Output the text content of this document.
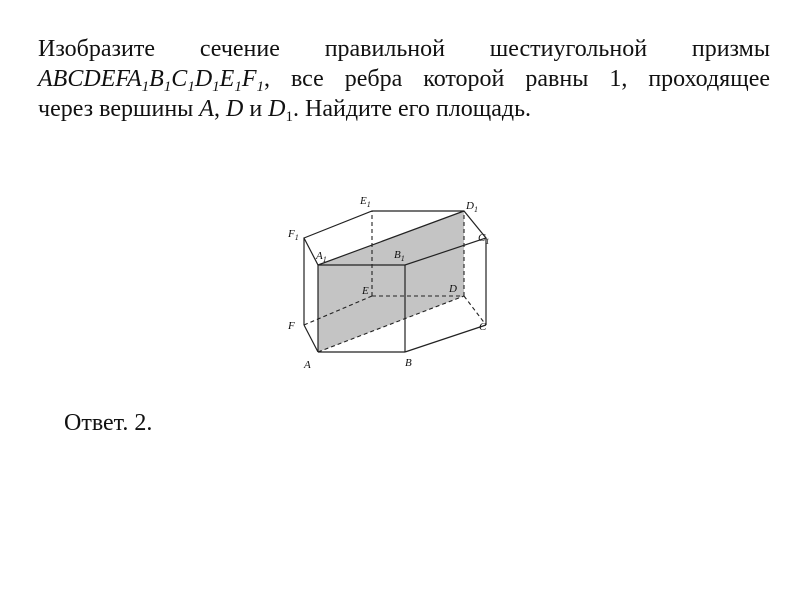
Изобразите сечение правильной шестиугольной призмы
$ABCDEFA_1B_1C_1D_1E_1F_1$, все ребра которой равны 1, проходящее
через вершины A, D и $D_1$. Найдите его площадь.
A	B
C
D
E
F
$A_1$	$B_1$
$C_1$
$D_1$
$E_1$
$F_1$

Ответ. 2.
